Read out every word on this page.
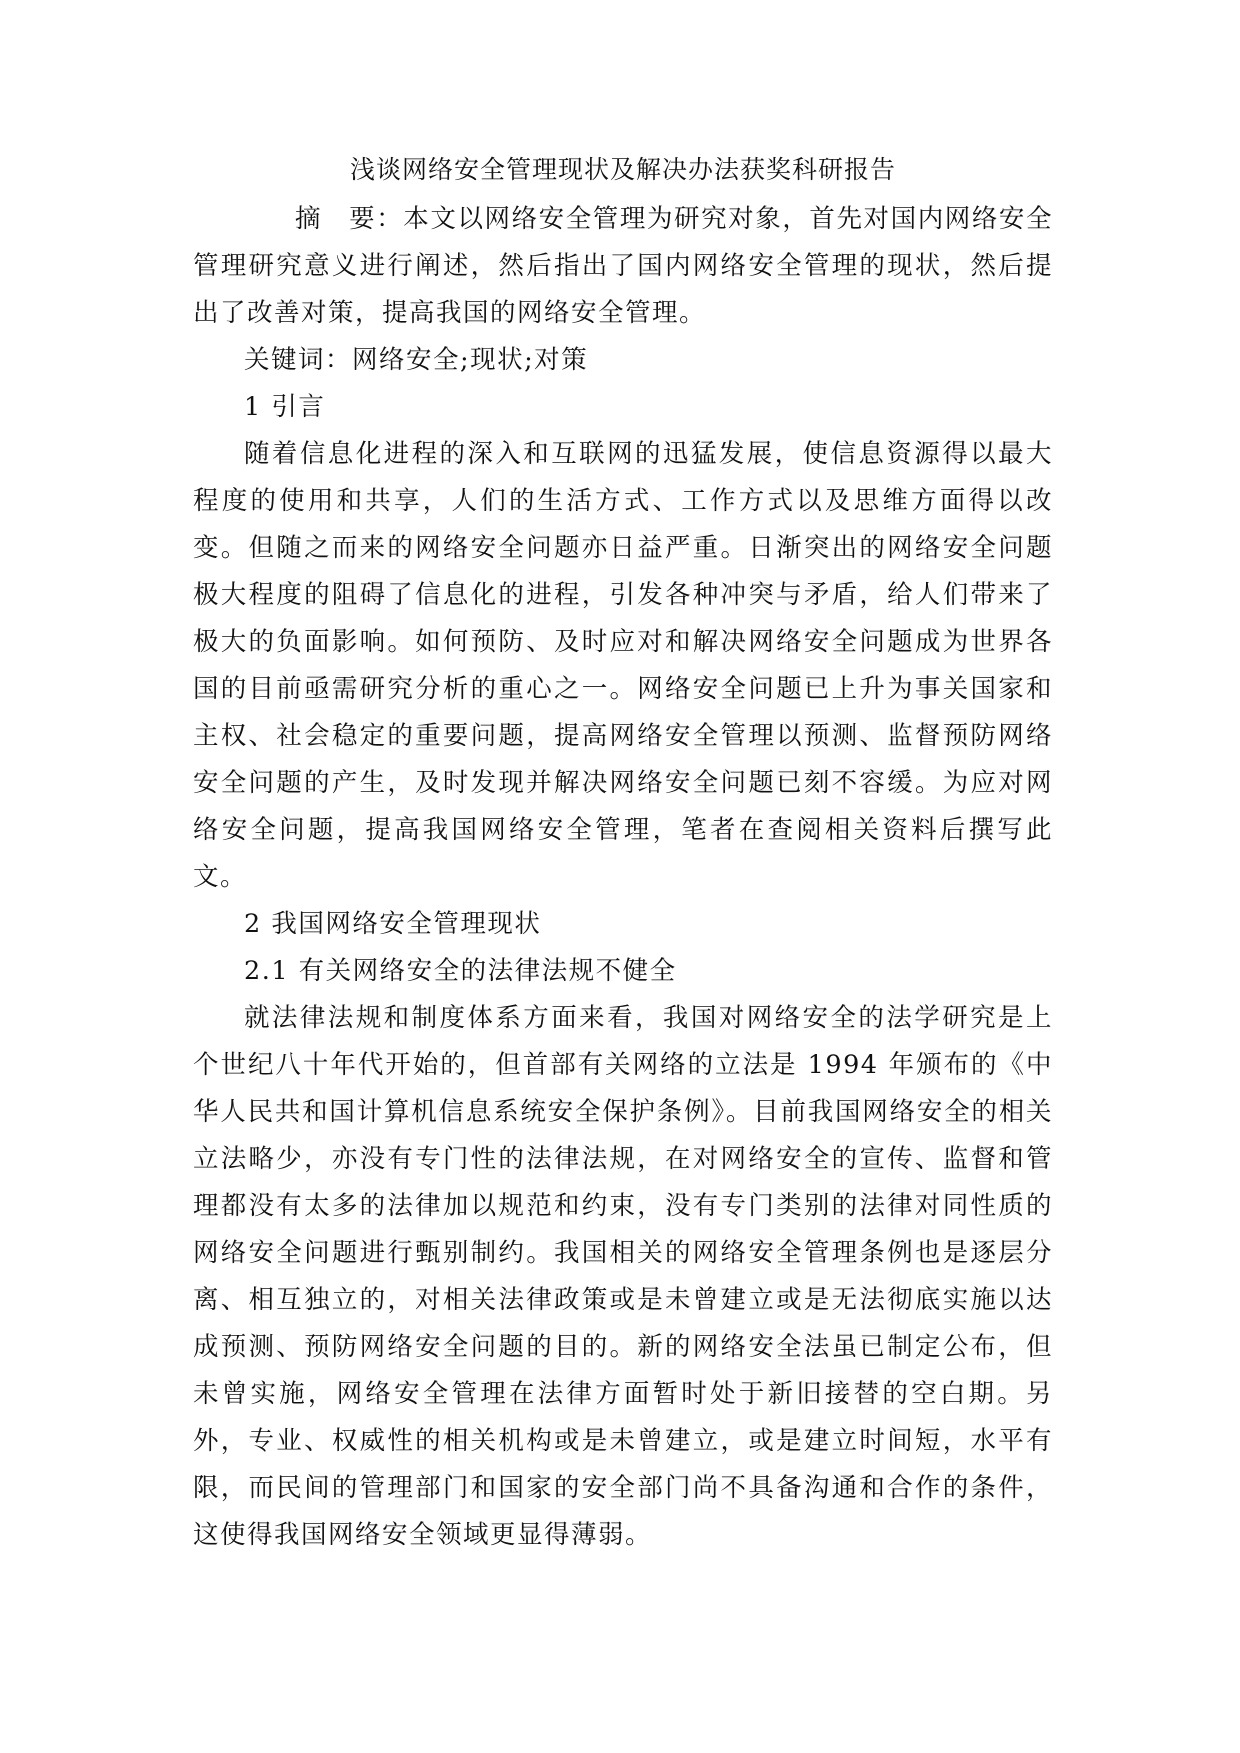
浅谈网络安全管理现状及解决办法获奖科研报告

摘　要：本文以网络安全管理为研究对象，首先对国内网络安全管理研究意义进行阐述，然后指出了国内网络安全管理的现状，然后提出了改善对策，提高我国的网络安全管理。

关键词：网络安全;现状;对策

1 引言

随着信息化进程的深入和互联网的迅猛发展，使信息资源得以最大程度的使用和共享，人们的生活方式、工作方式以及思维方面得以改变。但随之而来的网络安全问题亦日益严重。日渐突出的网络安全问题极大程度的阻碍了信息化的进程，引发各种冲突与矛盾，给人们带来了极大的负面影响。如何预防、及时应对和解决网络安全问题成为世界各国的目前亟需研究分析的重心之一。网络安全问题已上升为事关国家和主权、社会稳定的重要问题，提高网络安全管理以预测、监督预防网络安全问题的产生，及时发现并解决网络安全问题已刻不容缓。为应对网络安全问题，提高我国网络安全管理，笔者在查阅相关资料后撰写此文。

2 我国网络安全管理现状

2.1 有关网络安全的法律法规不健全

就法律法规和制度体系方面来看，我国对网络安全的法学研究是上个世纪八十年代开始的，但首部有关网络的立法是 1994 年颁布的《中华人民共和国计算机信息系统安全保护条例》。目前我国网络安全的相关立法略少，亦没有专门性的法律法规，在对网络安全的宣传、监督和管理都没有太多的法律加以规范和约束，没有专门类别的法律对同性质的网络安全问题进行甄别制约。我国相关的网络安全管理条例也是逐层分离、相互独立的，对相关法律政策或是未曾建立或是无法彻底实施以达成预测、预防网络安全问题的目的。新的网络安全法虽已制定公布，但未曾实施，网络安全管理在法律方面暂时处于新旧接替的空白期。另外，专业、权威性的相关机构或是未曾建立，或是建立时间短，水平有限，而民间的管理部门和国家的安全部门尚不具备沟通和合作的条件，这使得我国网络安全领域更显得薄弱。
